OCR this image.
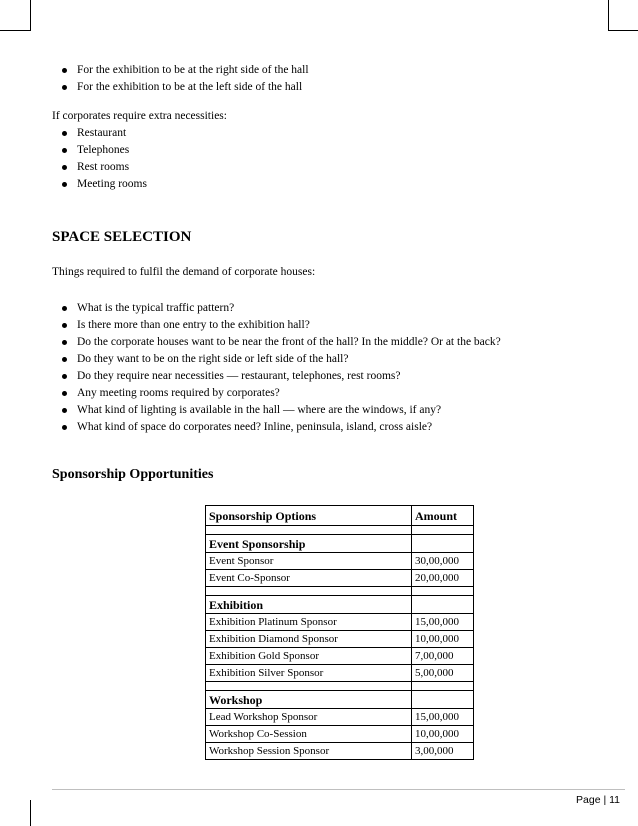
For the exhibition to be at the right side of the hall
For the exhibition to be at the left side of the hall
If corporates require extra necessities:
Restaurant
Telephones
Rest rooms
Meeting rooms
SPACE SELECTION
Things required to fulfil the demand of corporate houses:
What is the typical traffic pattern?
Is there more than one entry to the exhibition hall?
Do the corporate houses want to be near the front of the hall? In the middle? Or at the back?
Do they want to be on the right side or left side of the hall?
Do they require near necessities — restaurant, telephones, rest rooms?
Any meeting rooms required by corporates?
What kind of lighting is available in the hall — where are the windows, if any?
What kind of space do corporates need? Inline, peninsula, island, cross aisle?
Sponsorship Opportunities
Sponsorship Options	Amount

Event Sponsorship	
Event Sponsor	30,00,000
Event Co-Sponsor	20,00,000

Exhibition	
Exhibition Platinum Sponsor	15,00,000
Exhibition Diamond Sponsor	10,00,000
Exhibition Gold Sponsor	7,00,000
Exhibition Silver Sponsor	5,00,000

Workshop	
Lead Workshop Sponsor	15,00,000
Workshop Co-Session	10,00,000
Workshop Session Sponsor	3,00,000
Page | 11
